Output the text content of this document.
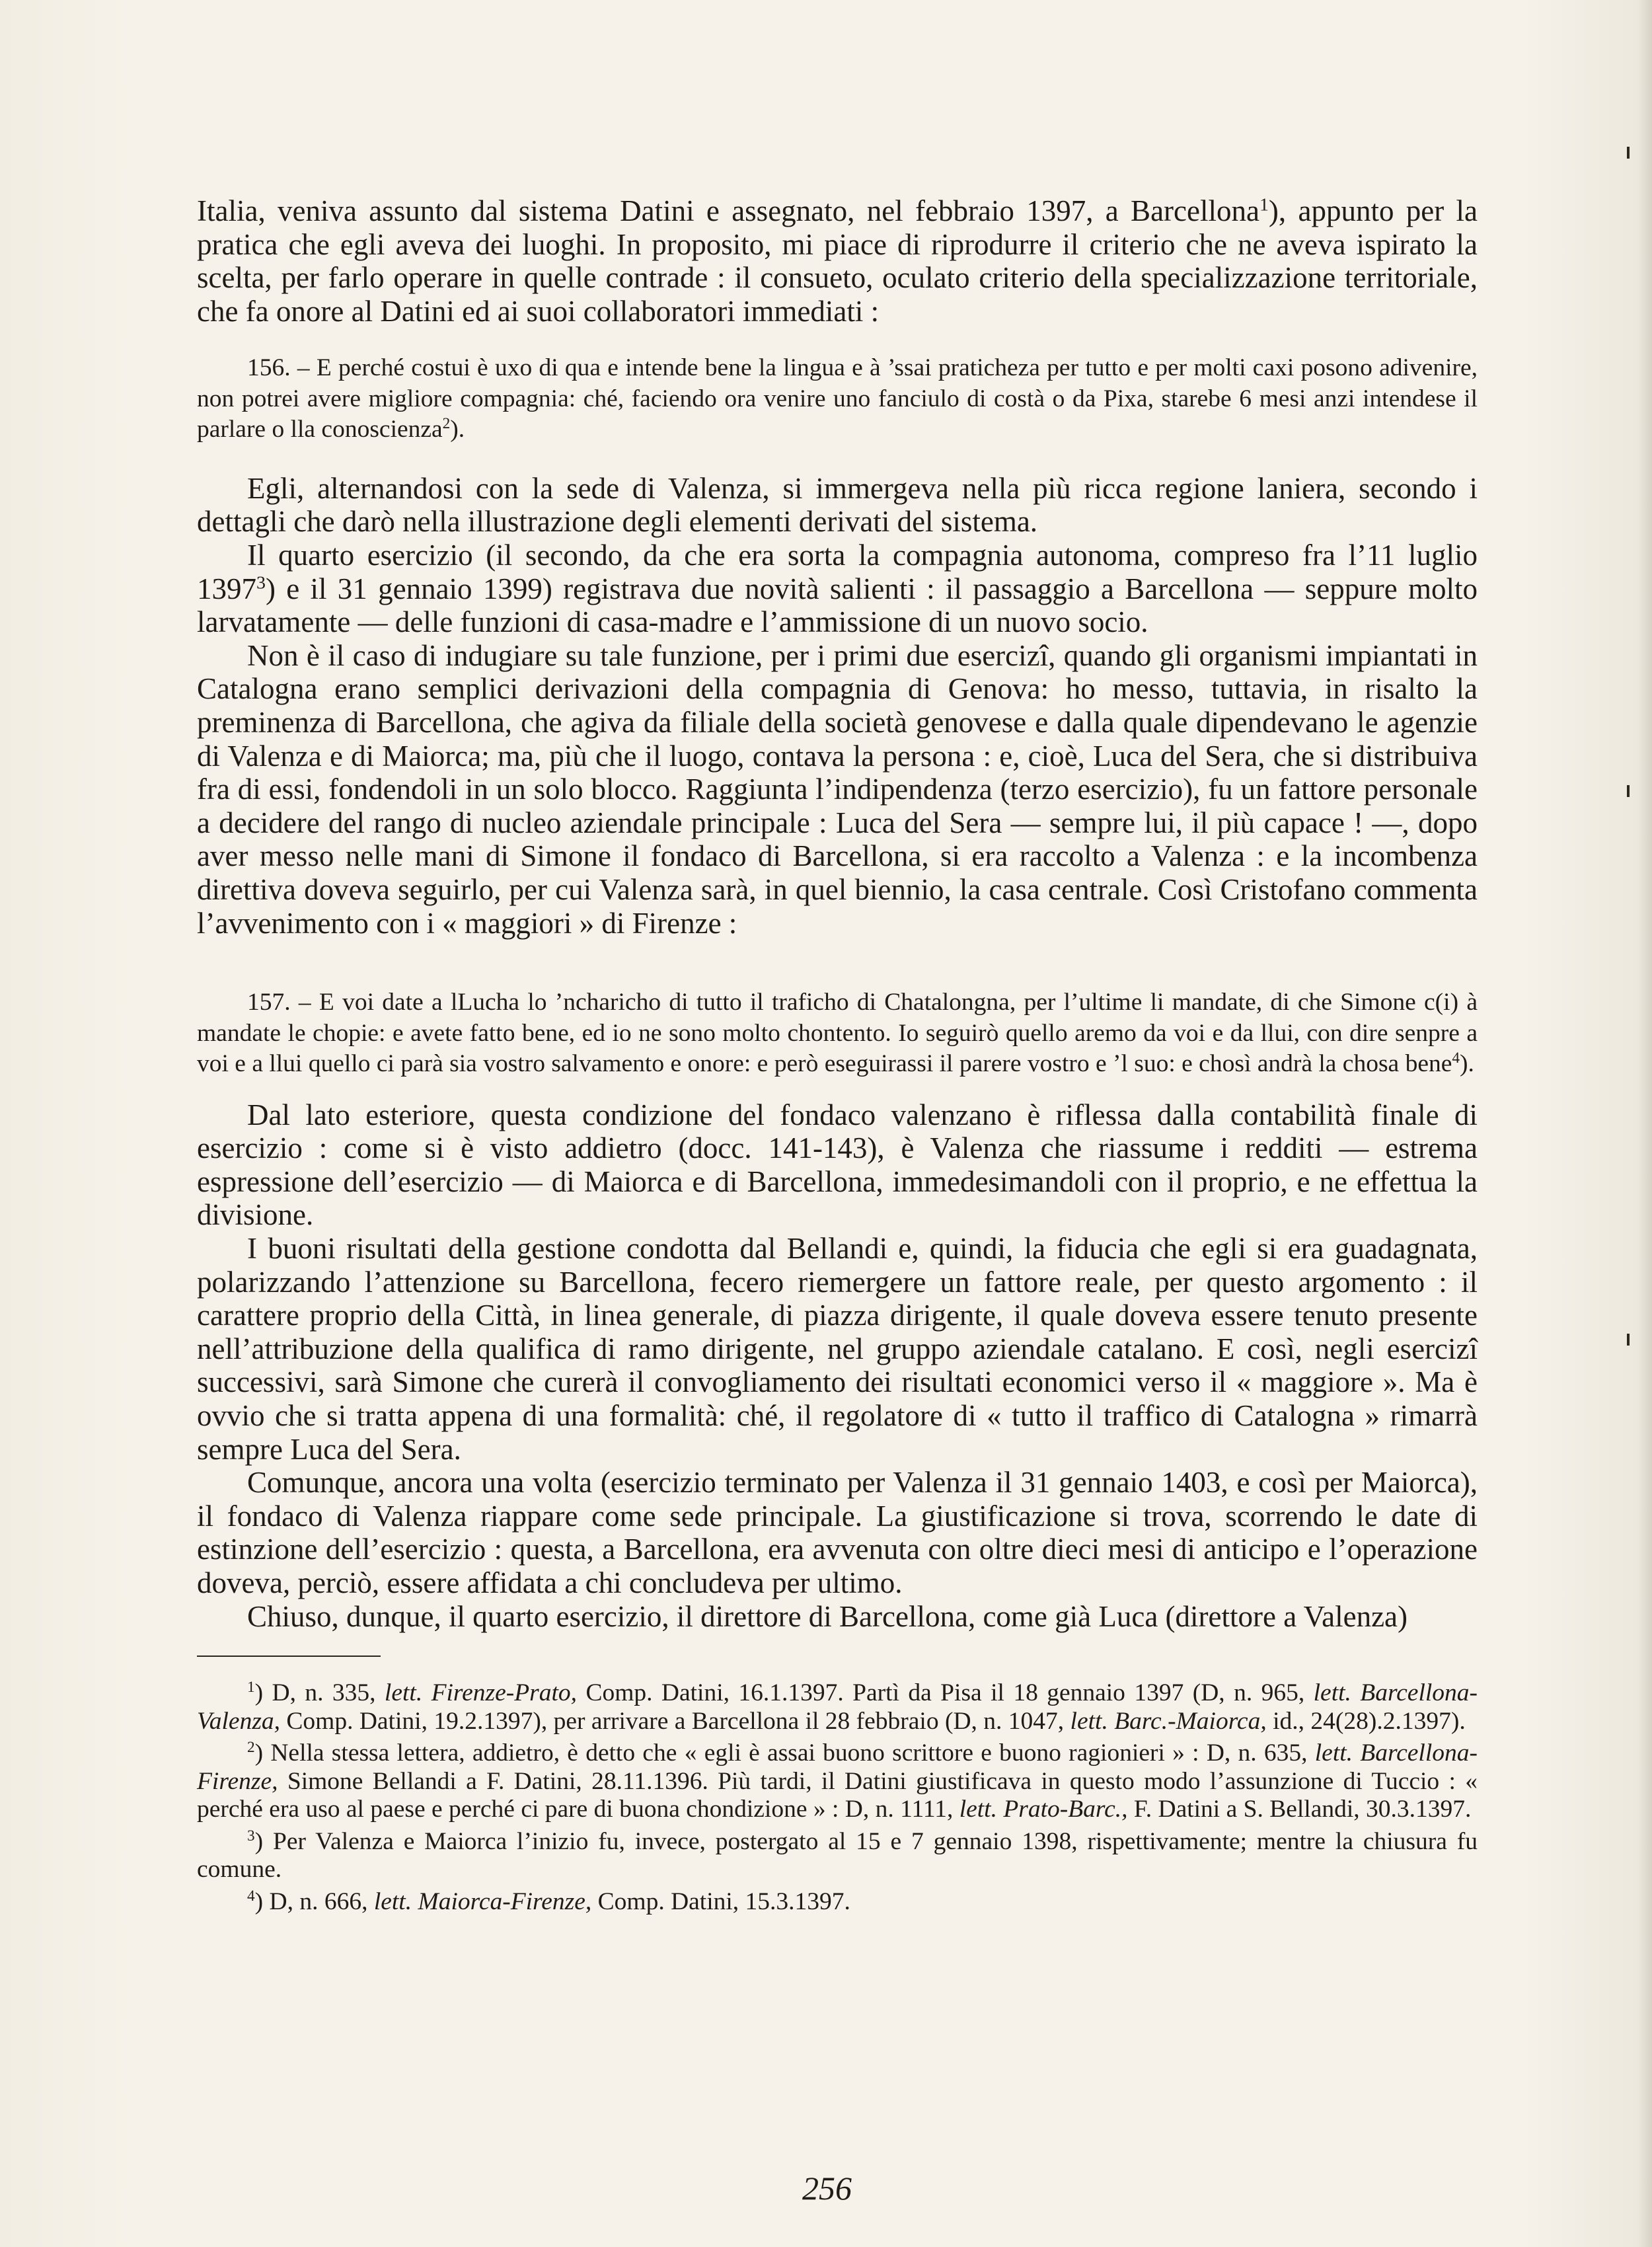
Italia, veniva assunto dal sistema Datini e assegnato, nel febbraio 1397, a Barcellona$^1$), appunto per la pratica che egli aveva dei luoghi. In proposito, mi piace di riprodurre il criterio che ne aveva ispirato la scelta, per farlo operare in quelle contrade : il consueto, oculato criterio della specializzazione territoriale, che fa onore al Datini ed ai suoi collaboratori immediati :

156. – E perché costui è uxo di qua e intende bene la lingua e à ’ssai praticheza per tutto e per molti caxi posono adivenire, non potrei avere migliore compagnia: ché, faciendo ora venire uno fanciulo di costà o da Pixa, starebe 6 mesi anzi intendese il parlare o lla conoscienza$^2$).

Egli, alternandosi con la sede di Valenza, si immergeva nella più ricca regione laniera, secondo i dettagli che darò nella illustrazione degli elementi derivati del sistema.

Il quarto esercizio (il secondo, da che era sorta la compagnia autonoma, compreso fra l’11 luglio 1397$^3$) e il 31 gennaio 1399) registrava due novità salienti : il passaggio a Barcellona — seppure molto larvatamente — delle funzioni di casa-madre e l’ammissione di un nuovo socio.

Non è il caso di indugiare su tale funzione, per i primi due esercizî, quando gli organismi impiantati in Catalogna erano semplici derivazioni della compagnia di Genova: ho messo, tuttavia, in risalto la preminenza di Barcellona, che agiva da filiale della società genovese e dalla quale dipendevano le agenzie di Valenza e di Maiorca; ma, più che il luogo, contava la persona : e, cioè, Luca del Sera, che si distribuiva fra di essi, fondendoli in un solo blocco. Raggiunta l’indipendenza (terzo esercizio), fu un fattore personale a decidere del rango di nucleo aziendale principale : Luca del Sera — sempre lui, il più capace ! —, dopo aver messo nelle mani di Simone il fondaco di Barcellona, si era raccolto a Valenza : e la incombenza direttiva doveva seguirlo, per cui Valenza sarà, in quel biennio, la casa centrale. Così Cristofano commenta l’avvenimento con i « maggiori » di Firenze :

157. – E voi date a lLucha lo ’ncharicho di tutto il traficho di Chatalongna, per l’ultime li mandate, di che Simone c(i) à mandate le chopie: e avete fatto bene, ed io ne sono molto chontento. Io seguirò quello aremo da voi e da llui, con dire senpre a voi e a llui quello ci parà sia vostro salvamento e onore: e però eseguirassi il parere vostro e ’l suo: e chosì andrà la chosa bene$^4$).

Dal lato esteriore, questa condizione del fondaco valenzano è riflessa dalla contabilità finale di esercizio : come si è visto addietro (docc. 141-143), è Valenza che riassume i redditi — estrema espressione dell’esercizio — di Maiorca e di Barcellona, immedesimandoli con il proprio, e ne effettua la divisione.

I buoni risultati della gestione condotta dal Bellandi e, quindi, la fiducia che egli si era guadagnata, polarizzando l’attenzione su Barcellona, fecero riemergere un fattore reale, per questo argomento : il carattere proprio della Città, in linea generale, di piazza dirigente, il quale doveva essere tenuto presente nell’attribuzione della qualifica di ramo dirigente, nel gruppo aziendale catalano. E così, negli esercizî successivi, sarà Simone che curerà il convogliamento dei risultati economici verso il « maggiore ». Ma è ovvio che si tratta appena di una formalità: ché, il regolatore di « tutto il traffico di Catalogna » rimarrà sempre Luca del Sera.

Comunque, ancora una volta (esercizio terminato per Valenza il 31 gennaio 1403, e così per Maiorca), il fondaco di Valenza riappare come sede principale. La giustificazione si trova, scorrendo le date di estinzione dell’esercizio : questa, a Barcellona, era avvenuta con oltre dieci mesi di anticipo e l’operazione doveva, perciò, essere affidata a chi concludeva per ultimo.

Chiuso, dunque, il quarto esercizio, il direttore di Barcellona, come già Luca (direttore a Valenza)

$^1$) D, n. 335, lett. Firenze-Prato, Comp. Datini, 16.1.1397. Partì da Pisa il 18 gennaio 1397 (D, n. 965, lett. Barcellona-Valenza, Comp. Datini, 19.2.1397), per arrivare a Barcellona il 28 febbraio (D, n. 1047, lett. Barc.-Maiorca, id., 24(28).2.1397).

$^2$) Nella stessa lettera, addietro, è detto che « egli è assai buono scrittore e buono ragionieri » : D, n. 635, lett. Barcellona-Firenze, Simone Bellandi a F. Datini, 28.11.1396. Più tardi, il Datini giustificava in questo modo l’assunzione di Tuccio : « perché era uso al paese e perché ci pare di buona chondizione » : D, n. 1111, lett. Prato-Barc., F. Datini a S. Bellandi, 30.3.1397.

$^3$) Per Valenza e Maiorca l’inizio fu, invece, postergato al 15 e 7 gennaio 1398, rispettivamente; mentre la chiusura fu comune.

$^4$) D, n. 666, lett. Maiorca-Firenze, Comp. Datini, 15.3.1397.

256
